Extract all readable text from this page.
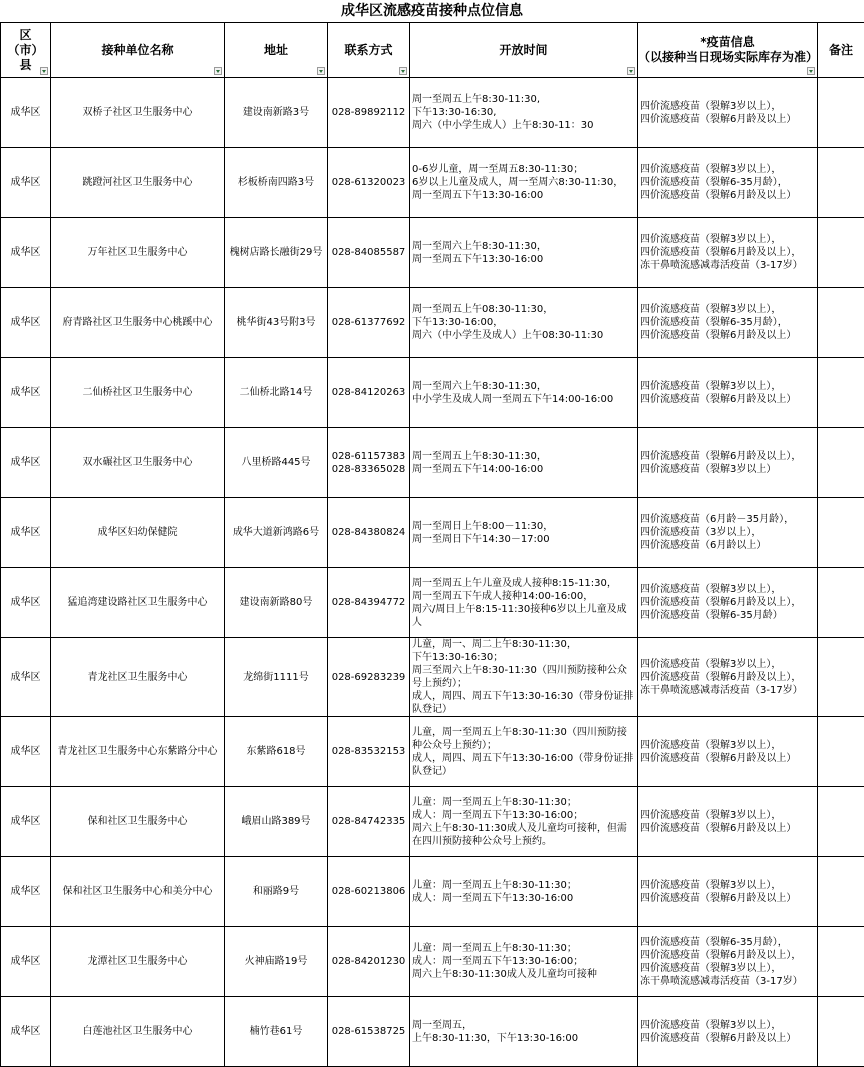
成华区流感疫苗接种点位信息
区
（市）
县	接种单位名称	地址	联系方式	开放时间	*疫苗信息
（以接种当日现场实际库存为准）	备注
成华区	双桥子社区卫生服务中心	建设南新路3号	028-89892112	周一至周五上午8:30-11:30,
下午13:30-16:30,
周六（中小学生成人）上午8:30-11：30	四价流感疫苗（裂解3岁以上），
四价流感疫苗（裂解6月龄及以上）	
成华区	跳蹬河社区卫生服务中心	杉板桥南四路3号	028-61320023	0-6岁儿童，周一至周五8:30-11:30；
6岁以上儿童及成人，周一至周六8:30-11:30，
周一至周五下午13:30-16:00	四价流感疫苗（裂解3岁以上），
四价流感疫苗（裂解6-35月龄），
四价流感疫苗（裂解6月龄及以上）	
成华区	万年社区卫生服务中心	槐树店路长融街29号	028-84085587	周一至周六上午8:30-11:30，
周一至周五下午13:30-16:00	四价流感疫苗（裂解3岁以上），
四价流感疫苗（裂解6月龄及以上），
冻干鼻喷流感减毒活疫苗（3-17岁）	
成华区	府青路社区卫生服务中心桃蹊中心	桃华街43号附3号	028-61377692	周一至周五上午08:30-11:30，
下午13:30-16:00，
周六（中小学生及成人）上午08:30-11:30	四价流感疫苗（裂解3岁以上），
四价流感疫苗（裂解6-35月龄），
四价流感疫苗（裂解6月龄及以上）	
成华区	二仙桥社区卫生服务中心	二仙桥北路14号	028-84120263	周一至周六上午8:30-11:30，
中小学生及成人周一至周五下午14:00-16:00	四价流感疫苗（裂解3岁以上），
四价流感疫苗（裂解6月龄及以上）	
成华区	双水碾社区卫生服务中心	八里桥路445号	028-61157383
028-83365028	周一至周五上午8:30-11:30，
周一至周五下午14:00-16:00	四价流感疫苗（裂解6月龄及以上），
四价流感疫苗（裂解3岁以上）	
成华区	成华区妇幼保健院	成华大道新鸿路6号	028-84380824	周一至周日上午8:00－11:30，
周一至周日下午14:30－17:00	四价流感疫苗（6月龄－35月龄），
四价流感疫苗（3岁以上），
四价流感疫苗（6月龄以上）	
成华区	猛追湾建设路社区卫生服务中心	建设南新路80号	028-84394772	周一至周五上午儿童及成人接种8:15-11:30，
周一至周五下午成人接种14:00-16:00，
周六/周日上午8:15-11:30接种6岁以上儿童及成人	四价流感疫苗（裂解3岁以上），
四价流感疫苗（裂解6月龄及以上），
四价流感疫苗（裂解6-35月龄）	
成华区	青龙社区卫生服务中心	龙绵街1111号	028-69283239	儿童，周一、周二上午8:30-11:30，
下午13:30-16:30；
周三至周六上午8:30-11:30（四川预防接种公众号上预约）；
成人，周四、周五下午13:30-16:30（带身份证排队登记）	四价流感疫苗（裂解3岁以上），
四价流感疫苗（裂解6月龄及以上），
冻干鼻喷流感减毒活疫苗（3-17岁）	
成华区	青龙社区卫生服务中心东紫路分中心	东紫路618号	028-83532153	儿童，周一至周五上午8:30-11:30（四川预防接种公众号上预约）；
成人，周四、周五下午13:30-16:00（带身份证排队登记）	四价流感疫苗（裂解3岁以上），
四价流感疫苗（裂解6月龄及以上）	
成华区	保和社区卫生服务中心	峨眉山路389号	028-84742335	儿童：周一至周五上午8:30-11:30；
成人：周一至周五下午13:30-16:00；
周六上午8:30-11:30成人及儿童均可接种，但需在四川预防接种公众号上预约。	四价流感疫苗（裂解3岁以上），
四价流感疫苗（裂解6月龄及以上）	
成华区	保和社区卫生服务中心和美分中心	和丽路9号	028-60213806	儿童：周一至周五上午8:30-11:30；
成人：周一至周五下午13:30-16:00	四价流感疫苗（裂解3岁以上），
四价流感疫苗（裂解6月龄及以上）	
成华区	龙潭社区卫生服务中心	火神庙路19号	028-84201230	儿童：周一至周五上午8:30-11:30；
成人：周一至周五下午13:30-16:00；
周六上午8:30-11:30成人及儿童均可接种	四价流感疫苗（裂解6-35月龄），
四价流感疫苗（裂解6月龄及以上），
四价流感疫苗（裂解3岁以上），
冻干鼻喷流感减毒活疫苗（3-17岁）	
成华区	白莲池社区卫生服务中心	楠竹巷61号	028-61538725	周一至周五，
上午8:30-11:30，下午13:30-16:00	四价流感疫苗（裂解3岁以上），
四价流感疫苗（裂解6月龄及以上）	
